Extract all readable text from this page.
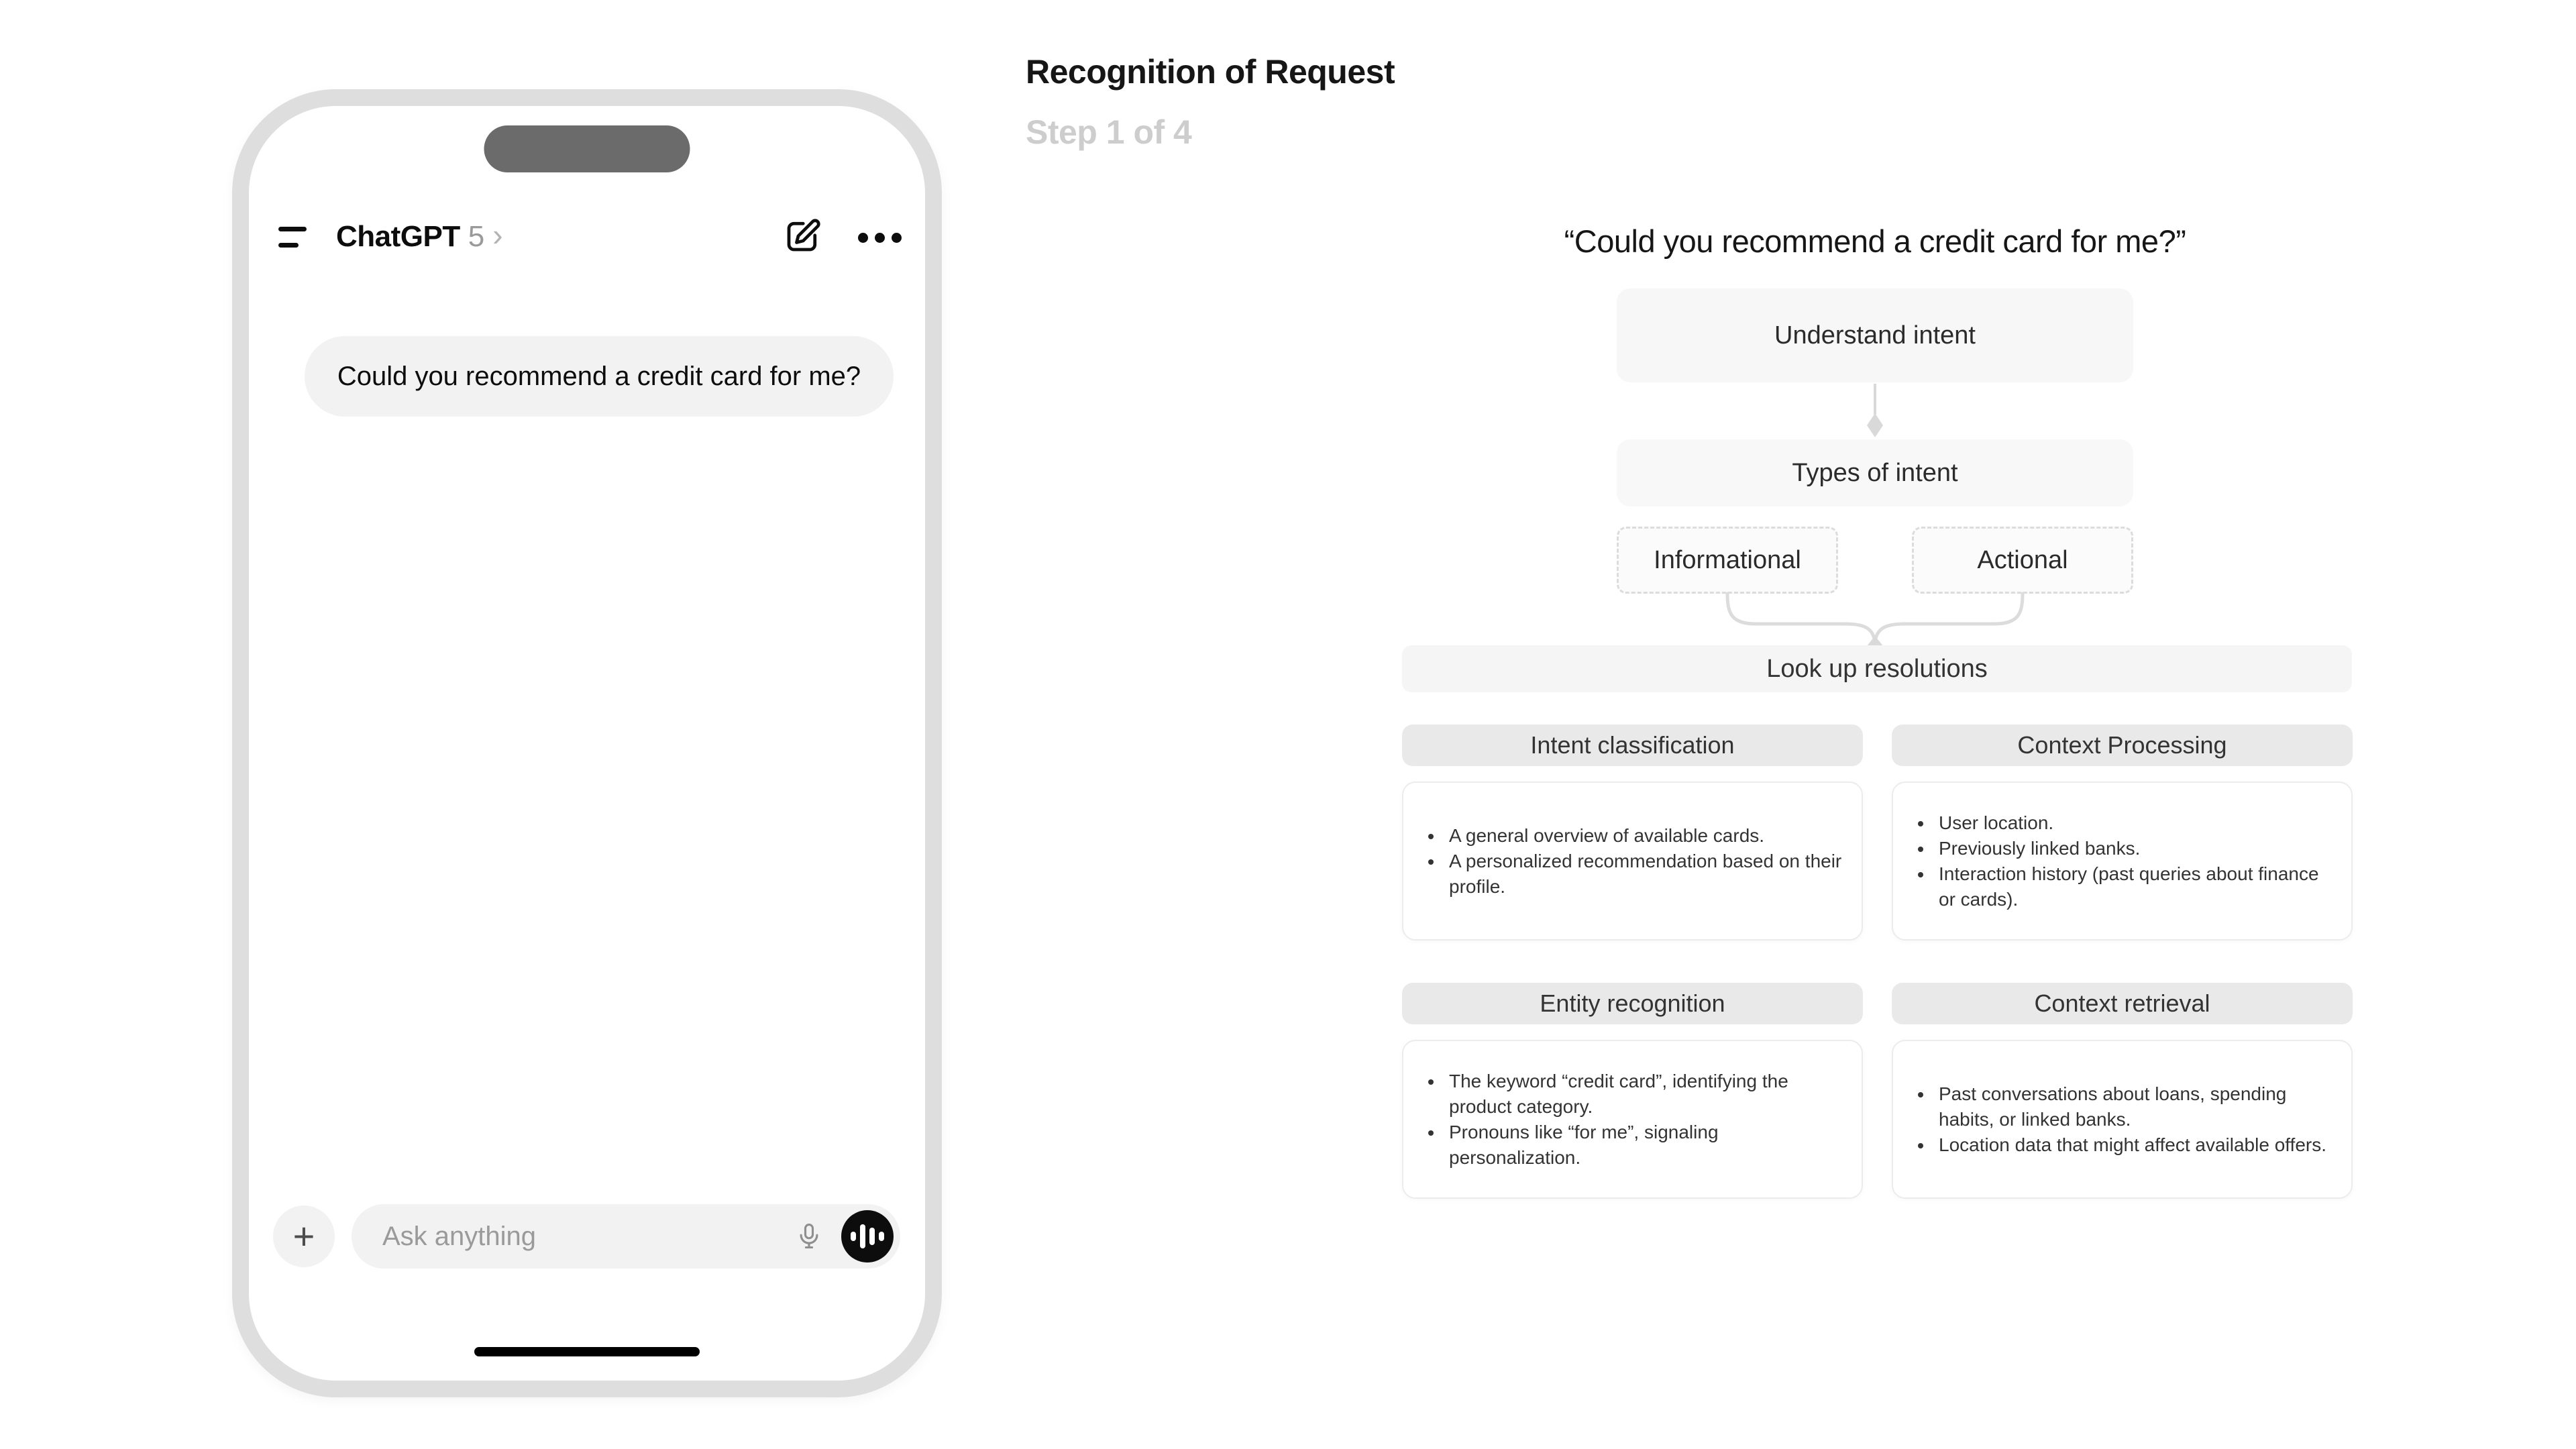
ChatGPT 5 ›
Could you recommend a credit card for me?
+	Ask anything
Recognition of Request
Step 1 of 4
“Could you recommend a credit card for me?”
Understand intent
Types of intent
Informational	Actional
Look up resolutions
Intent classification	Context Processing
• A general overview of available cards.
• A personalized recommendation based on their profile.
• User location.
• Previously linked banks.
• Interaction history (past queries about finance or cards).
Entity recognition	Context retrieval
• The keyword “credit card”, identifying the product category.
• Pronouns like “for me”, signaling personalization.
• Past conversations about loans, spending habits, or linked banks.
• Location data that might affect available offers.
